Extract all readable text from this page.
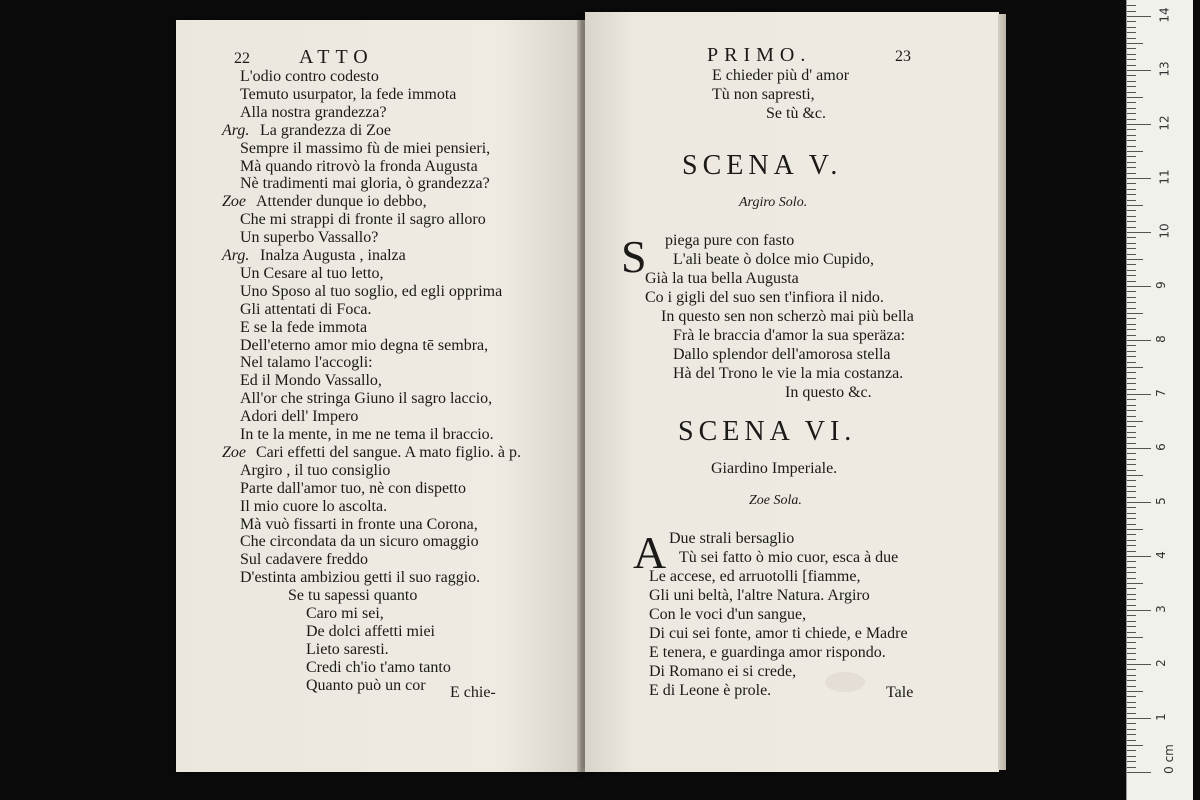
22 ATTO
L'odio contro codesto
Temuto usurpator, la fede immota
Alla nostra grandezza?
Arg. La grandezza di Zoe
Sempre il massimo fù de miei pensieri,
Mà quando ritrovò la fronda Augusta
Nè tradimenti mai gloria, ò grandezza?
Zoe Attender dunque io debbo,
Che mi strappi di fronte il sagro alloro
Un superbo Vassallo?
Arg. Inalza Augusta , inalza
Un Cesare al tuo letto,
Uno Sposo al tuo soglio, ed egli opprima
Gli attentati di Foca.
E se la fede immota
Dell'eterno amor mio degna tē sembra,
Nel talamo l'accogli:
Ed il Mondo Vassallo,
All'or che stringa Giuno il sagro laccio,
Adori dell' Impero
In te la mente, in me ne tema il braccio.
Zoe Cari effetti del sangue. A mato figlio. à p.
Argiro , il tuo consiglio
Parte dall'amor tuo, nè con dispetto
Il mio cuore lo ascolta.
Mà vuò fissarti in fronte una Corona,
Che circondata da un sicuro omaggio
Sul cadavere freddo
D'estinta ambiziou getti il suo raggio.
Se tu sapessi quanto
Caro mi sei,
De dolci affetti miei
Lieto saresti.
Credi ch'io t'amo tanto
Quanto può un cor E chie-
PRIMO.	23
E chieder più d' amor
Tù non sapresti,
Se tù &c.
SCENA V.
Argiro Solo.
S piega pure con fasto
L'ali beate ò dolce mio Cupido,
Già la tua bella Augusta
Co i gigli del suo sen t'infiora il nido.
In questo sen non scherzò mai più bella
Frà le braccia d'amor la sua speräza:
Dallo splendor dell'amorosa stella
Hà del Trono le vie la mia costanza.
In questo &c.
SCENA VI.
Giardino Imperiale.
Zoe Sola.
A Due strali bersaglio
Tù sei fatto ò mio cuor, esca à due
Le accese, ed arruotolli [fiamme,
Gli uni beltà, l'altre Natura. Argiro
Con le voci d'un sangue,
Di cui sei fonte, amor ti chiede, e Madre
E tenera, e guardinga amor rispondo.
Di Romano ei si crede,
E di Leone è prole.	Tale
1
2
3
4
5
6
7
8
9
10
11
12
13
14
0 cm
